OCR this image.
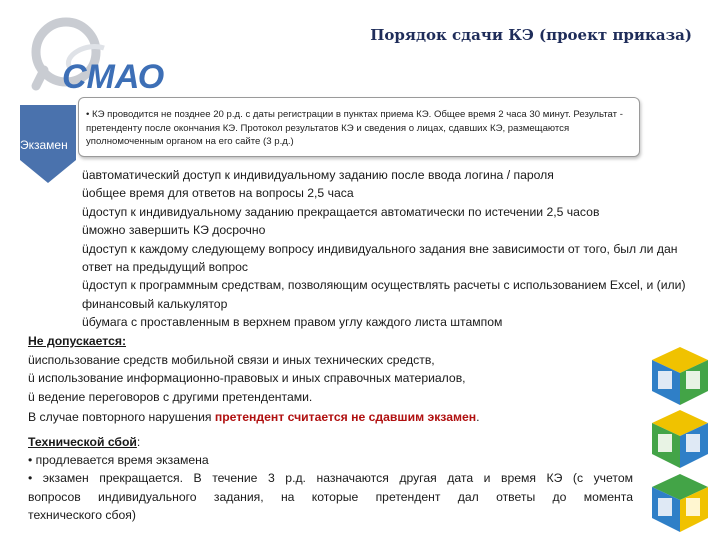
СМАО
Порядок сдачи КЭ (проект приказа)
Экзамен
• КЭ проводится не позднее 20 р.д. с даты регистрации в пунктах приема КЭ. Общее время 2 часа 30 минут. Результат - претенденту после окончания КЭ. Протокол результатов КЭ и сведения о лицах, сдавших КЭ, размещаются уполномоченным органом на его сайте (3 р.д.)

üавтоматический доступ к индивидуальному заданию после ввода логина / пароля

üобщее время для ответов на вопросы 2,5 часа

üдоступ к индивидуальному заданию прекращается автоматически по истечении 2,5 часов

üможно завершить КЭ досрочно

üдоступ к каждому следующему вопросу индивидуального задания вне зависимости от того, был ли дан ответ на предыдущий вопрос

üдоступ к программным средствам, позволяющим осуществлять расчеты с использованием Excel, и (или) финансовый калькулятор

üбумага с проставленным в верхнем правом углу каждого листа штампом

Не допускается:

üиспользование средств мобильной связи и иных технических средств,

ü использование информационно-правовых и иных справочных материалов,

ü ведение переговоров с другими претендентами.

В случае повторного нарушения претендент считается не сдавшим экзамен.

Технической сбой:

• продлевается время экзамена

• экзамен прекращается. В течение 3 р.д. назначаются другая дата и время КЭ (с учетом

вопросов индивидуального задания, на которые претендент дал ответы до момента

технического сбоя)
